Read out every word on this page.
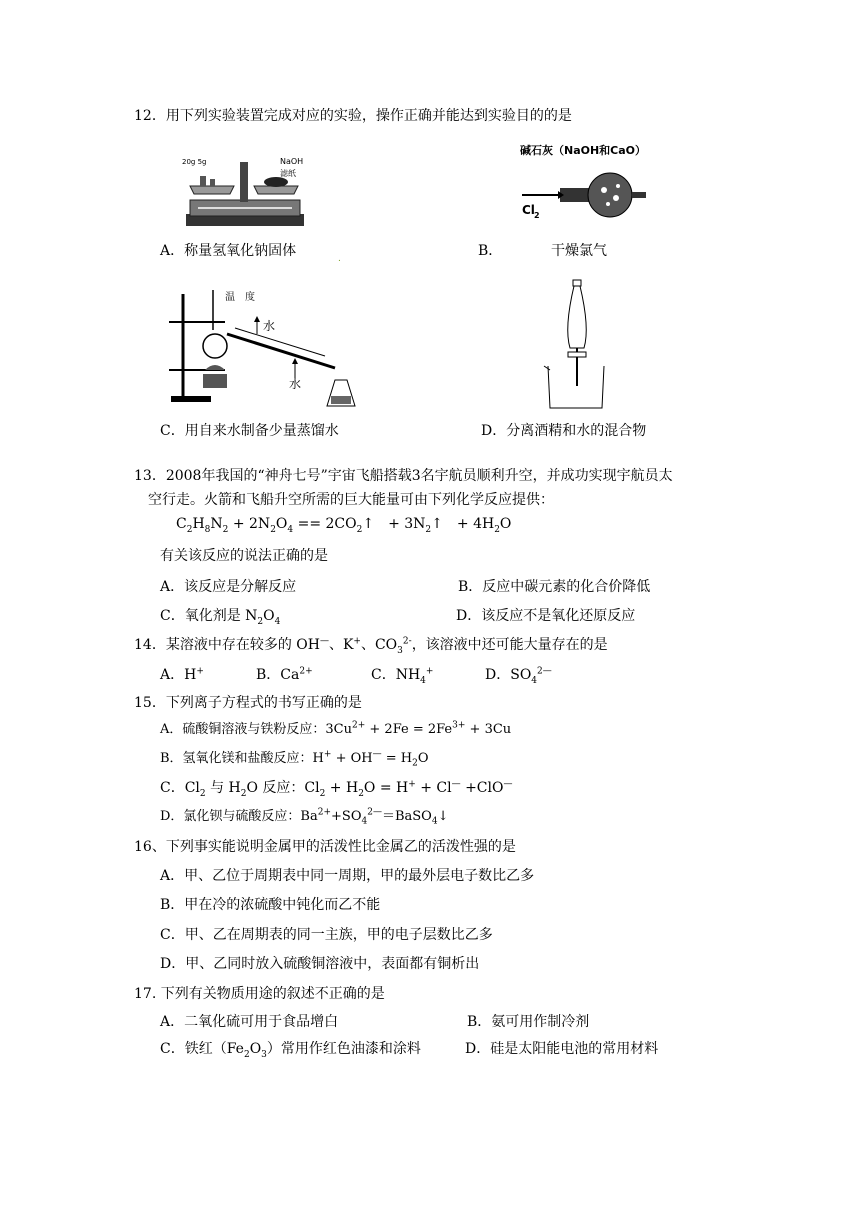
12．用下列实验装置完成对应的实验，操作正确并能达到实验目的的是
20g 5g	NaOH
滤纸
A．称量氢氧化钠固体	.
碱石灰（NaOH和CaO）
Cl 2
B．	干燥氯气
温　度
水
水
C．用自来水制备少量蒸馏水	D．分离酒精和水的混合物
13．2008年我国的“神舟七号”宇宙飞船搭载3名宇航员顺利升空，并成功实现宇航员太
空行走。火箭和飞船升空所需的巨大能量可由下列化学反应提供：
$C_2H_8N_2 + 2N_2O_4$ == $2CO_2↑$　+ $3N_2↑$　+ $4H_2O$
有关该反应的说法正确的是
A．该反应是分解反应	B．反应中碳元素的化合价降低
C．氧化剂是 $N_2O_4$	D．该反应不是氧化还原反应
14．某溶液中存在较多的 OH—、K+、$CO_3^{2-}$，该溶液中还可能大量存在的是
A．H+	B．$Ca^{2+}$	C．$NH_4^+$	D．$SO_4^{2—}$
15．下列离子方程式的书写正确的是
A．硫酸铜溶液与铁粉反应：$3Cu^{2+} + 2Fe = 2Fe^{3+} + 3Cu$
B．氢氧化镁和盐酸反应：$H^+ + OH^— = H_2O$
C．$Cl_2$ 与 $H_2O$ 反应：$Cl_2 + H_2O = H^+ + Cl^— +ClO^—$
D．氯化钡与硫酸反应：$Ba^{2+}+SO_4^{2—}=BaSO_4↓$
16、下列事实能说明金属甲的活泼性比金属乙的活泼性强的是
A．甲、乙位于周期表中同一周期，甲的最外层电子数比乙多
B．甲在冷的浓硫酸中钝化而乙不能
C．甲、乙在周期表的同一主族，甲的电子层数比乙多
D．甲、乙同时放入硫酸铜溶液中，表面都有铜析出
17. 下列有关物质用途的叙述不正确的是
A．二氧化硫可用于食品增白	B．氨可用作制冷剂
C．铁红$(Fe_2O_3)$常用作红色油漆和涂料	D．硅是太阳能电池的常用材料
